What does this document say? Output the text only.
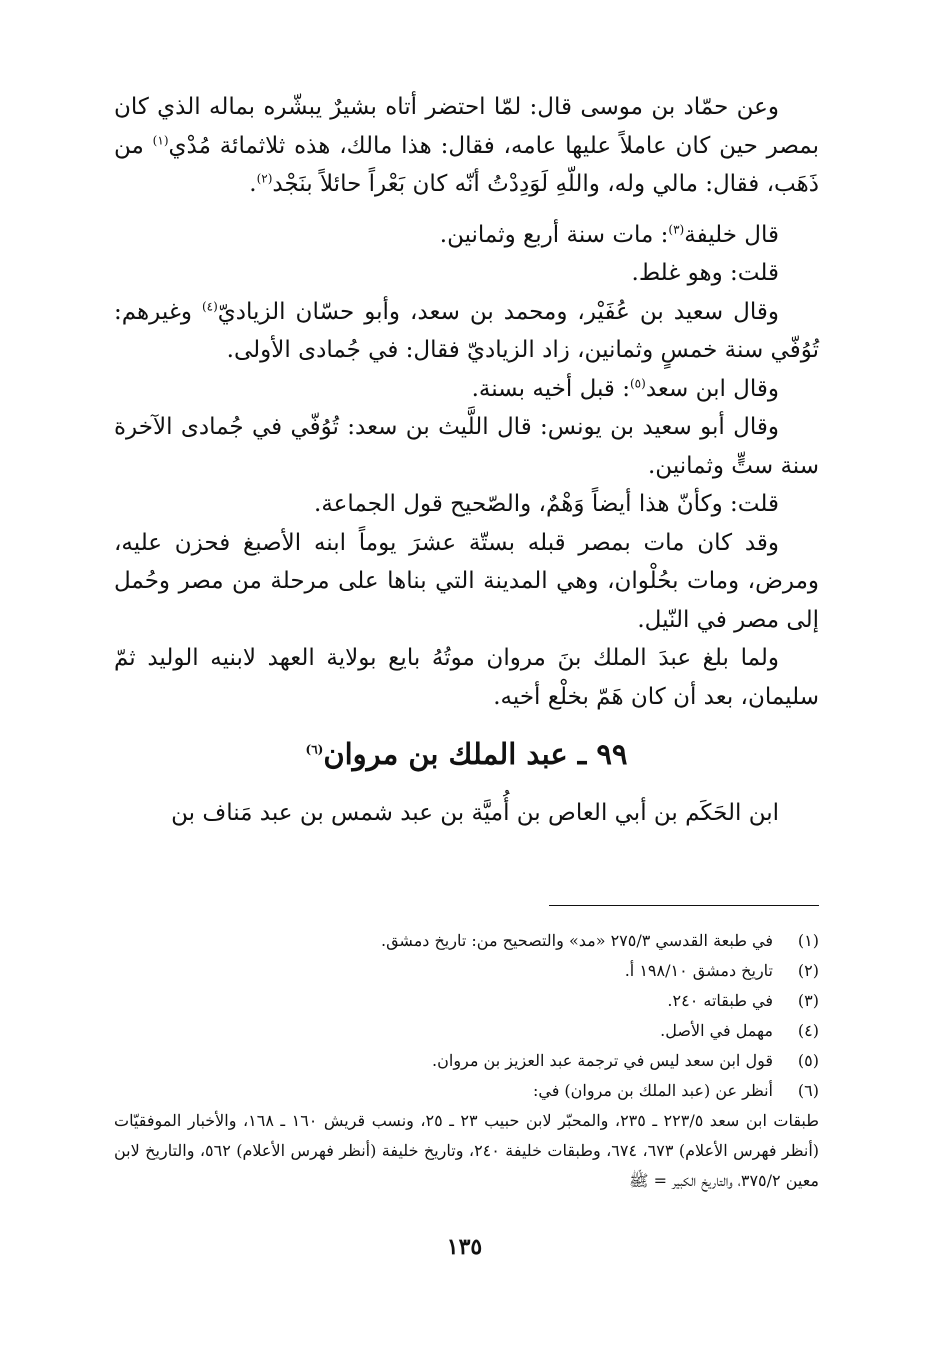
وعن حمّاد بن موسى قال: لمّا احتضر أتاه بشيرٌ يبشّره بماله الذي كان بمصر حين كان عاملاً عليها عامه، فقال: هذا مالك، هذه ثلاثمائة مُدْي$^{(١)}$ من ذَهَب، فقال: مالي وله، واللّهِ لَوَدِدْتُ أنّه كان بَعْراً حائلاً بنَجْد$^{(٢)}$.

قال خليفة$^{(٣)}$: مات سنة أربع وثمانين.

قلت: وهو غلط.

وقال سعيد بن عُفَيْر، ومحمد بن سعد، وأبو حسّان الزياديّ$^{(٤)}$ وغيرهم: تُوُفّي سنة خمسٍ وثمانين، زاد الزياديّ فقال: في جُمادى الأولى.

وقال ابن سعد$^{(٥)}$: قبل أخيه بسنة.

وقال أبو سعيد بن يونس: قال اللَّيث بن سعد: تُوُفّي في جُمادى الآخرة سنة ستٍّ وثمانين.

قلت: وكأنّ هذا أيضاً وَهْمٌ، والصّحيح قول الجماعة.

وقد كان مات بمصر قبله بستّة عشرَ يوماً ابنه الأصبغ فحزن عليه، ومرض، ومات بحُلْوان، وهي المدينة التي بناها على مرحلة من مصر وحُمل إلى مصر في النّيل.

ولما بلغ عبدَ الملك بنَ مروان موتُهُ بايع بولاية العهد لابنيه الوليد ثمّ سليمان، بعد أن كان هَمّ بخلْع أخيه.

٩٩ ـ عبد الملك بن مروان$^{(٦)}$

ابن الحَكَم بن أبي العاص بن أُميَّة بن عبد شمس بن عبد مَناف بن

(١)
في طبعة القدسي ٢٧٥/٣ «مد» والتصحيح من: تاريخ دمشق.
(٢)
تاريخ دمشق ١٩٨/١٠ أ.
(٣)
في طبقاته ٢٤٠.
(٤)
مهمل في الأصل.
(٥)
قول ابن سعد ليس في ترجمة عبد العزيز بن مروان.
(٦)
أنظر عن (عبد الملك بن مروان) في:
طبقات ابن سعد ٢٢٣/٥ ـ ٢٣٥، والمحبّر لابن حبيب ٢٣ ـ ٢٥، ونسب قريش ١٦٠ ـ ١٦٨، والأخبار الموفقيّات (أنظر فهرس الأعلام) ٦٧٣، ٦٧٤، وطبقات خليفة ٢٤٠، وتاريخ خليفة (أنظر فهرس الأعلام) ٥٦٢، والتاريخ لابن معين ٣٧٥/٢، والتاريخ الكبير = ﷺ
١٣٥
